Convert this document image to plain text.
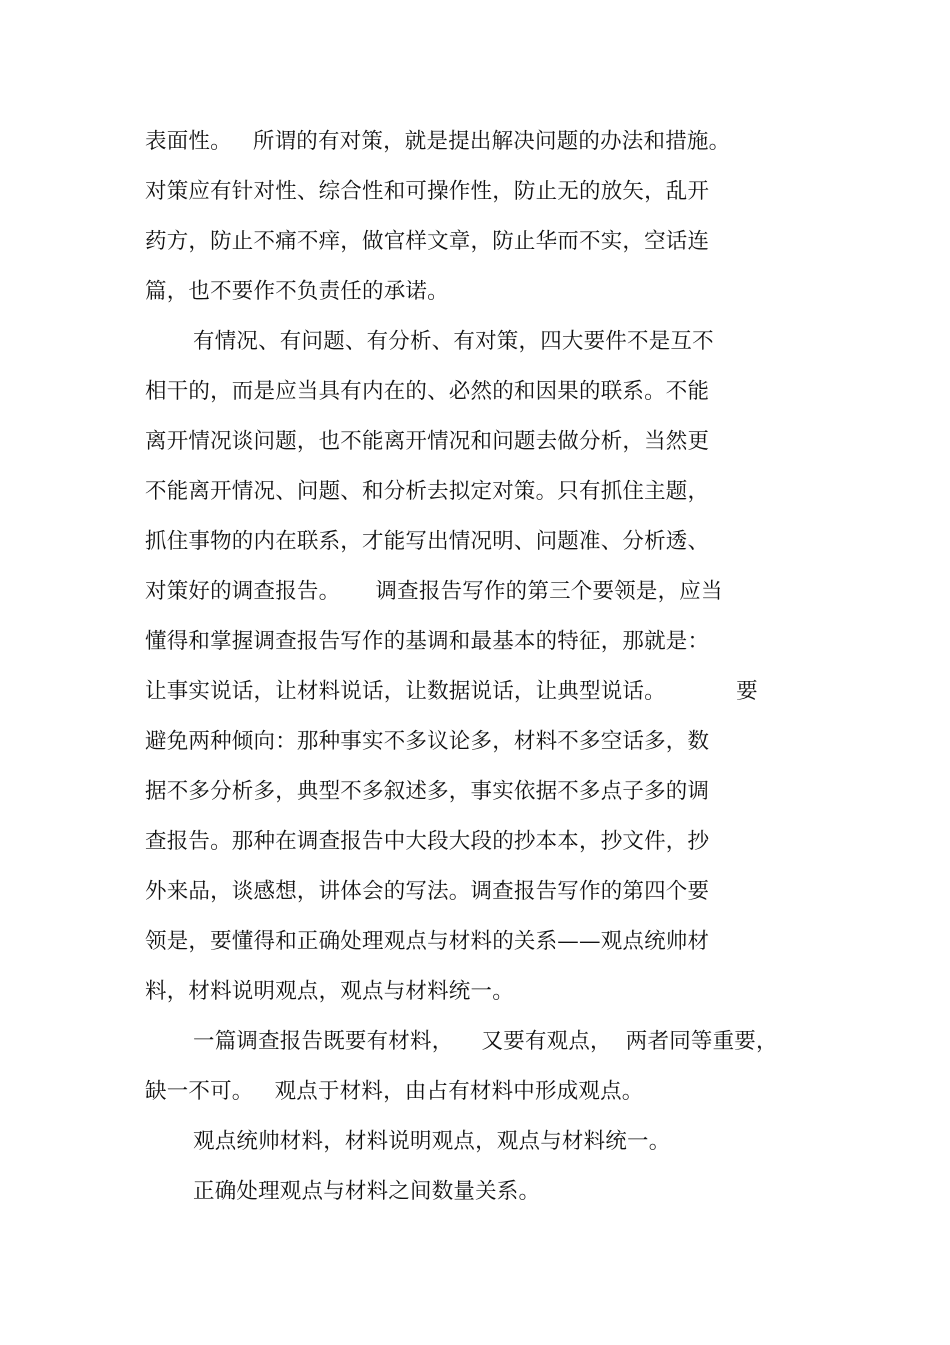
表面性。   所谓的有对策，就是提出解决问题的办法和措施。
对策应有针对性、综合性和可操作性，防止无的放矢，乱开
药方，防止不痛不痒，做官样文章，防止华而不实，空话连
篇，也不要作不负责任的承诺。
有情况、有问题、有分析、有对策，四大要件不是互不
相干的，而是应当具有内在的、必然的和因果的联系。不能
离开情况谈问题，也不能离开情况和问题去做分析，当然更
不能离开情况、问题、和分析去拟定对策。只有抓住主题，
抓住事物的内在联系，才能写出情况明、问题准、分析透、
对策好的调查报告。     调查报告写作的第三个要领是，应当
懂得和掌握调查报告写作的基调和最基本的特征，那就是：
让事实说话，让材料说话，让数据说话，让典型说话。          要
避免两种倾向：那种事实不多议论多，材料不多空话多，数
据不多分析多，典型不多叙述多，事实依据不多点子多的调
查报告。那种在调查报告中大段大段的抄本本，抄文件，抄
外来品，谈感想，讲体会的写法。调查报告写作的第四个要
领是，要懂得和正确处理观点与材料的关系——观点统帅材
料，材料说明观点，观点与材料统一。
一篇调查报告既要有材料，    又要有观点，  两者同等重要，
缺一不可。   观点于材料，由占有材料中形成观点。
观点统帅材料，材料说明观点，观点与材料统一。
正确处理观点与材料之间数量关系。
